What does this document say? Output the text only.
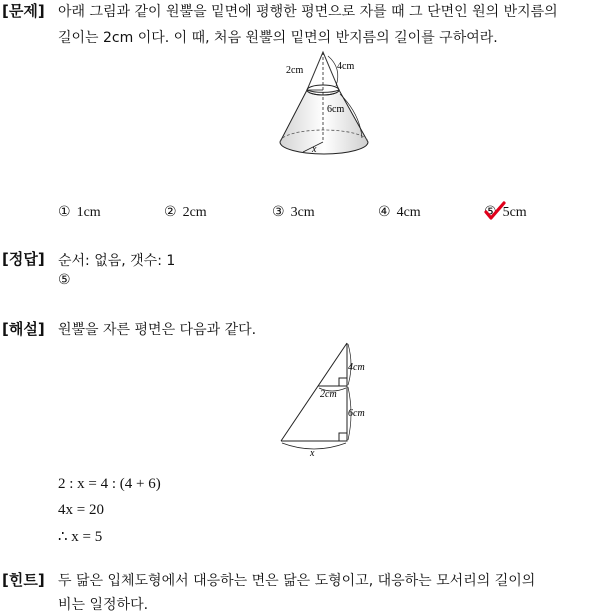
[문제] 아래 그림과 같이 원뿔을 밑면에 평행한 평면으로 자를 때 그 단면인 원의 반지름의
길이는 2cm 이다. 이 때, 처음 원뿔의 밑면의 반지름의 길이를 구하여라.
2cm	4cm
6cm
x
① 1cm	② 2cm	③ 3cm	④ 4cm	⑤ 5cm
[정답] 순서: 없음, 갯수: 1
⑤
[해설] 원뿔을 자른 평면은 다음과 같다.
4cm
2cm
6cm
x
2 : x = 4 : (4 + 6)
4x = 20
∴ x = 5
[힌트] 두 닮은 입체도형에서 대응하는 면은 닮은 도형이고, 대응하는 모서리의 길이의
비는 일정하다.
